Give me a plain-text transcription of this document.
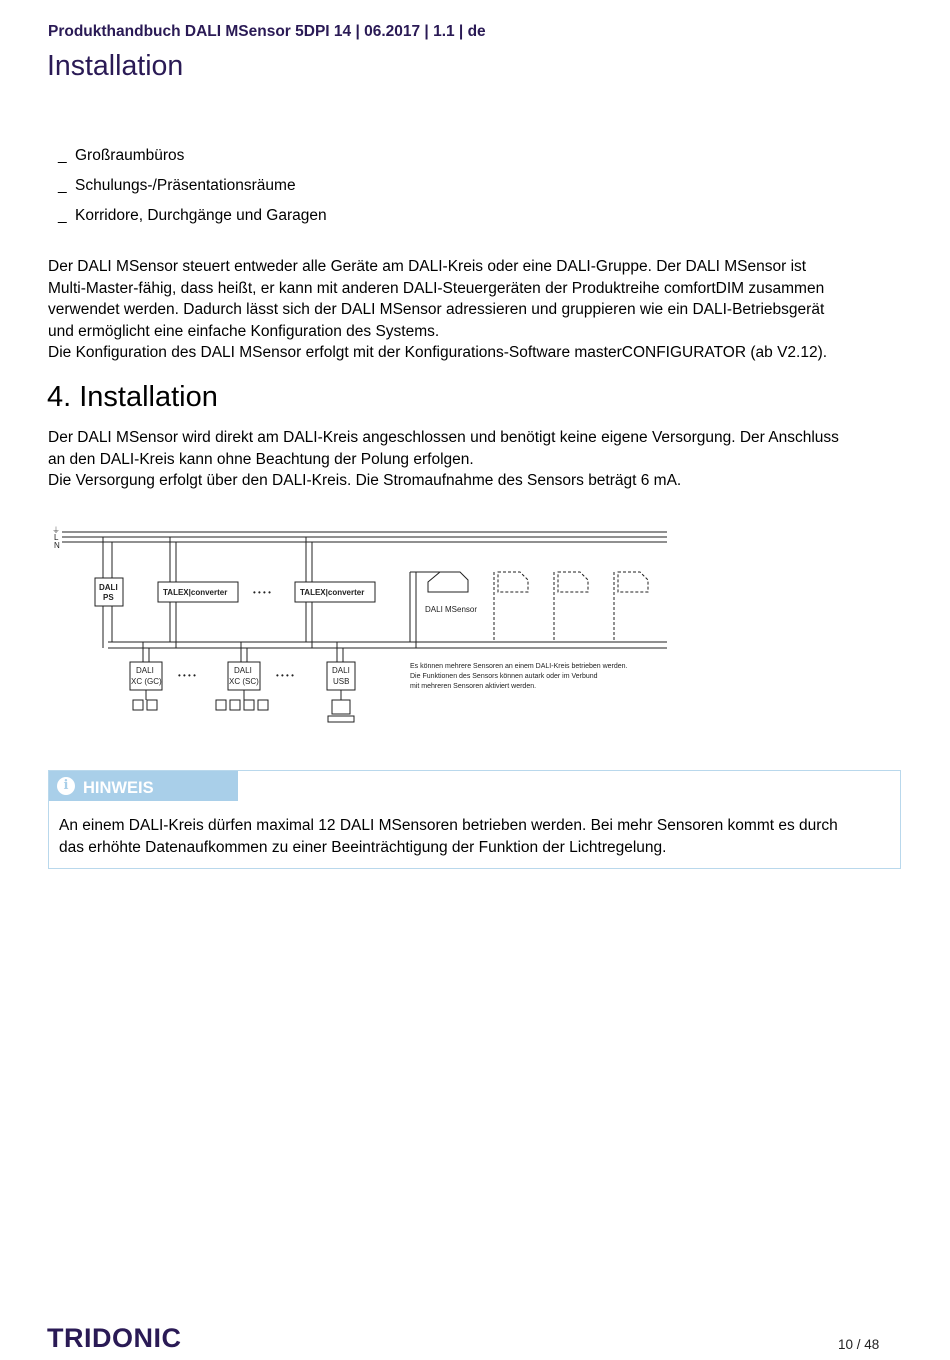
Produkthandbuch DALI MSensor 5DPI 14 | 06.2017 | 1.1 | de
Installation
_ Großraumbüros
_ Schulungs-/Präsentationsräume
_ Korridore, Durchgänge und Garagen

Der DALI MSensor steuert entweder alle Geräte am DALI-Kreis oder eine DALI-Gruppe. Der DALI MSensor ist

Multi-Master-fähig, dass heißt, er kann mit anderen DALI-Steuergeräten der Produktreihe comfortDIM zusammen

verwendet werden. Dadurch lässt sich der DALI MSensor adressieren und gruppieren wie ein DALI-Betriebsgerät

und ermöglicht eine einfache Konfiguration des Systems.

Die Konfiguration des DALI MSensor erfolgt mit der Konfigurations-Software masterCONFIGURATOR (ab V2.12).

4. Installation

Der DALI MSensor wird direkt am DALI-Kreis angeschlossen und benötigt keine eigene Versorgung. Der Anschluss

an den DALI-Kreis kann ohne Beachtung der Polung erfolgen.

Die Versorgung erfolgt über den DALI-Kreis. Die Stromaufnahme des Sensors beträgt 6 mA.

⏚
L
N
DALI
PS
TALEX|converter	TALEX|converter
• • • •
DALI MSensor
DALI
XC (GC)
DALI
XC (SC)
DALI
USB
• • • •	• • • •
Es können mehrere Sensoren an einem DALI-Kreis betrieben werden.
Die Funktionen des Sensors können autark oder im Verbund
mit mehreren Sensoren aktiviert werden.
i HINWEIS
An einem DALI-Kreis dürfen maximal 12 DALI MSensoren betrieben werden. Bei mehr Sensoren kommt es durch
das erhöhte Datenaufkommen zu einer Beeinträchtigung der Funktion der Lichtregelung.
TRIDONIC	10 / 48
